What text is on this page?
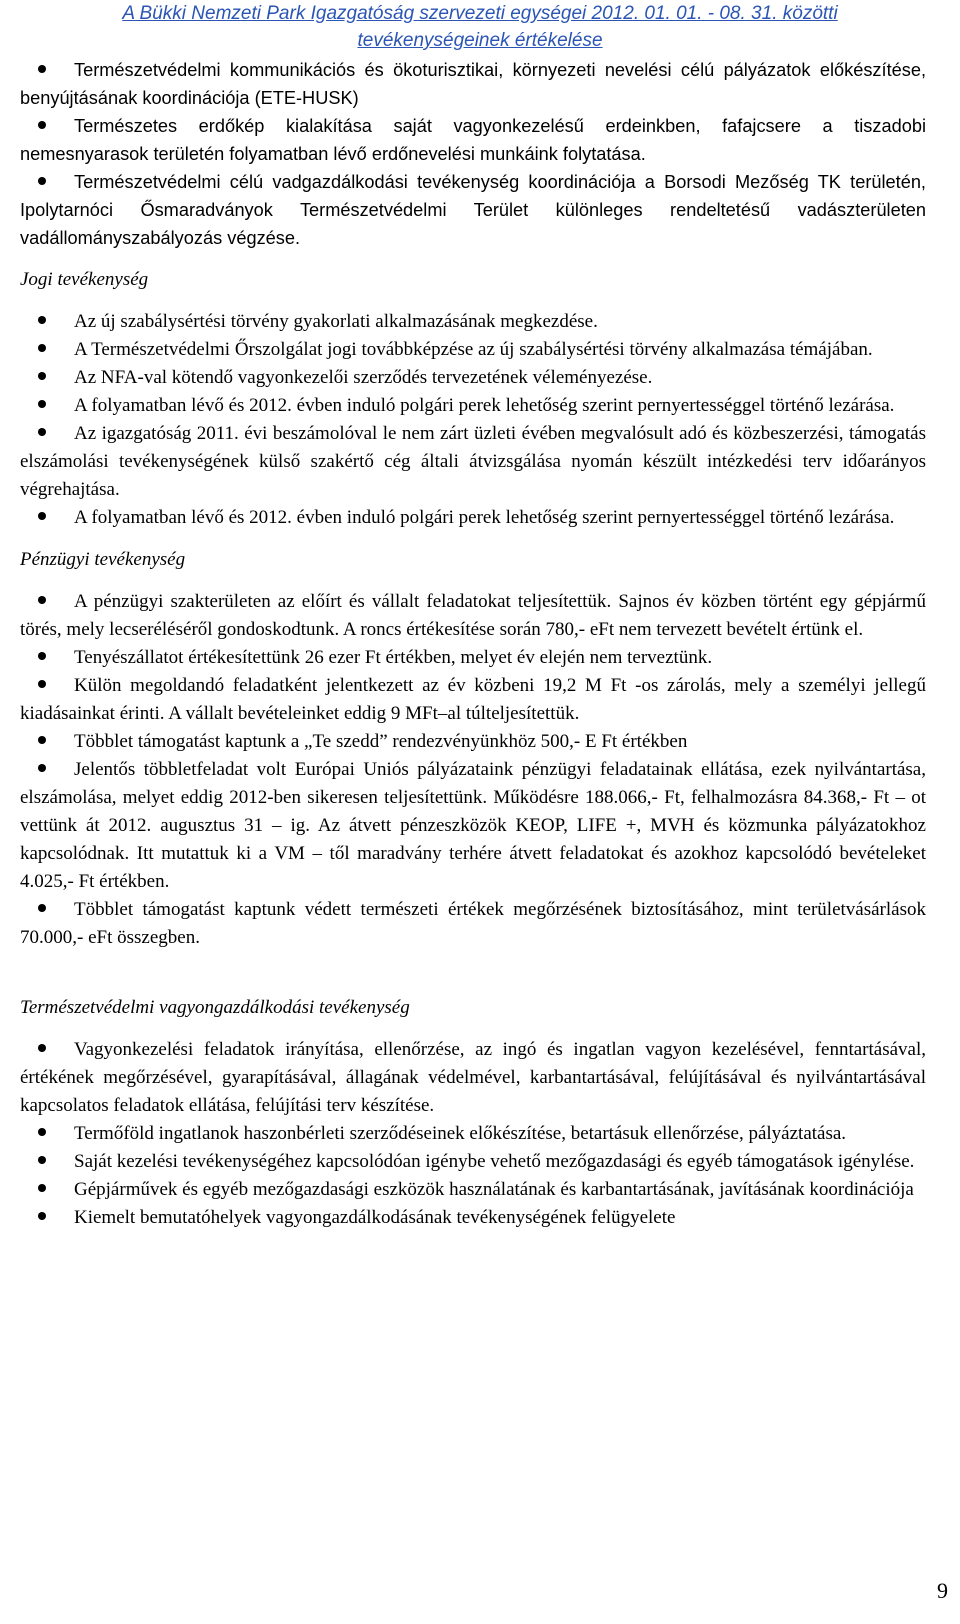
A Bükki Nemzeti Park Igazgatóság szervezeti egységei 2012. 01. 01. - 08. 31. közötti
tevékenységeinek értékelése

Természetvédelmi kommunikációs és ökoturisztikai, környezeti nevelési célú pályázatok előkészítése, benyújtásának koordinációja (ETE-HUSK)

Természetes erdőkép kialakítása saját vagyonkezelésű erdeinkben, fafajcsere a tiszadobi nemesnyarasok területén folyamatban lévő erdőnevelési munkáink folytatása.

Természetvédelmi célú vadgazdálkodási tevékenység koordinációja a Borsodi Mezőség TK területén, Ipolytarnóci Ősmaradványok Természetvédelmi Terület különleges rendeltetésű vadászterületen vadállományszabályozás végzése.

Jogi tevékenység

Az új szabálysértési törvény gyakorlati alkalmazásának megkezdése.

A Természetvédelmi Őrszolgálat jogi továbbképzése az új szabálysértési törvény alkalmazása témájában.

Az NFA-val kötendő vagyonkezelői szerződés tervezetének véleményezése.

A folyamatban lévő és 2012. évben induló polgári perek lehetőség szerint pernyertességgel történő lezárása.

Az igazgatóság 2011. évi beszámolóval le nem zárt üzleti évében megvalósult adó és közbeszerzési, támogatás elszámolási tevékenységének külső szakértő cég általi átvizsgálása nyomán készült intézkedési terv időarányos végrehajtása.

A folyamatban lévő és 2012. évben induló polgári perek lehetőség szerint pernyertességgel történő lezárása.

Pénzügyi tevékenység

A pénzügyi szakterületen az előírt és vállalt feladatokat teljesítettük. Sajnos év közben történt egy gépjármű törés, mely lecseréléséről gondoskodtunk. A roncs értékesítése során 780,- eFt nem tervezett bevételt értünk el.

Tenyészállatot értékesítettünk 26 ezer Ft értékben, melyet év elején nem terveztünk.

Külön megoldandó feladatként jelentkezett az év közbeni 19,2 M Ft -os zárolás, mely a személyi jellegű kiadásainkat érinti. A vállalt bevételeinket eddig 9 MFt–al túlteljesítettük.

Többlet támogatást kaptunk a „Te szedd” rendezvényünkhöz 500,- E Ft értékben

Jelentős többletfeladat volt Európai Uniós pályázataink pénzügyi feladatainak ellátása, ezek nyilvántartása, elszámolása, melyet eddig 2012-ben sikeresen teljesítettünk. Működésre 188.066,- Ft, felhalmozásra 84.368,- Ft – ot vettünk át 2012. augusztus 31 – ig. Az átvett pénzeszközök KEOP, LIFE +, MVH és közmunka pályázatokhoz kapcsolódnak. Itt mutattuk ki a VM – től maradvány terhére átvett feladatokat és azokhoz kapcsolódó bevételeket 4.025,- Ft értékben.

Többlet támogatást kaptunk védett természeti értékek megőrzésének biztosításához, mint területvásárlások 70.000,- eFt összegben.

Természetvédelmi vagyongazdálkodási tevékenység

Vagyonkezelési feladatok irányítása, ellenőrzése, az ingó és ingatlan vagyon kezelésével, fenntartásával, értékének megőrzésével, gyarapításával, állagának védelmével, karbantartásával, felújításával és nyilvántartásával kapcsolatos feladatok ellátása, felújítási terv készítése.

Termőföld ingatlanok haszonbérleti szerződéseinek előkészítése, betartásuk ellenőrzése, pályáztatása.

Saját kezelési tevékenységéhez kapcsolódóan igénybe vehető mezőgazdasági és egyéb támogatások igénylése.

Gépjárművek és egyéb mezőgazdasági eszközök használatának és karbantartásának, javításának koordinációja

Kiemelt bemutatóhelyek vagyongazdálkodásának tevékenységének felügyelete

9
